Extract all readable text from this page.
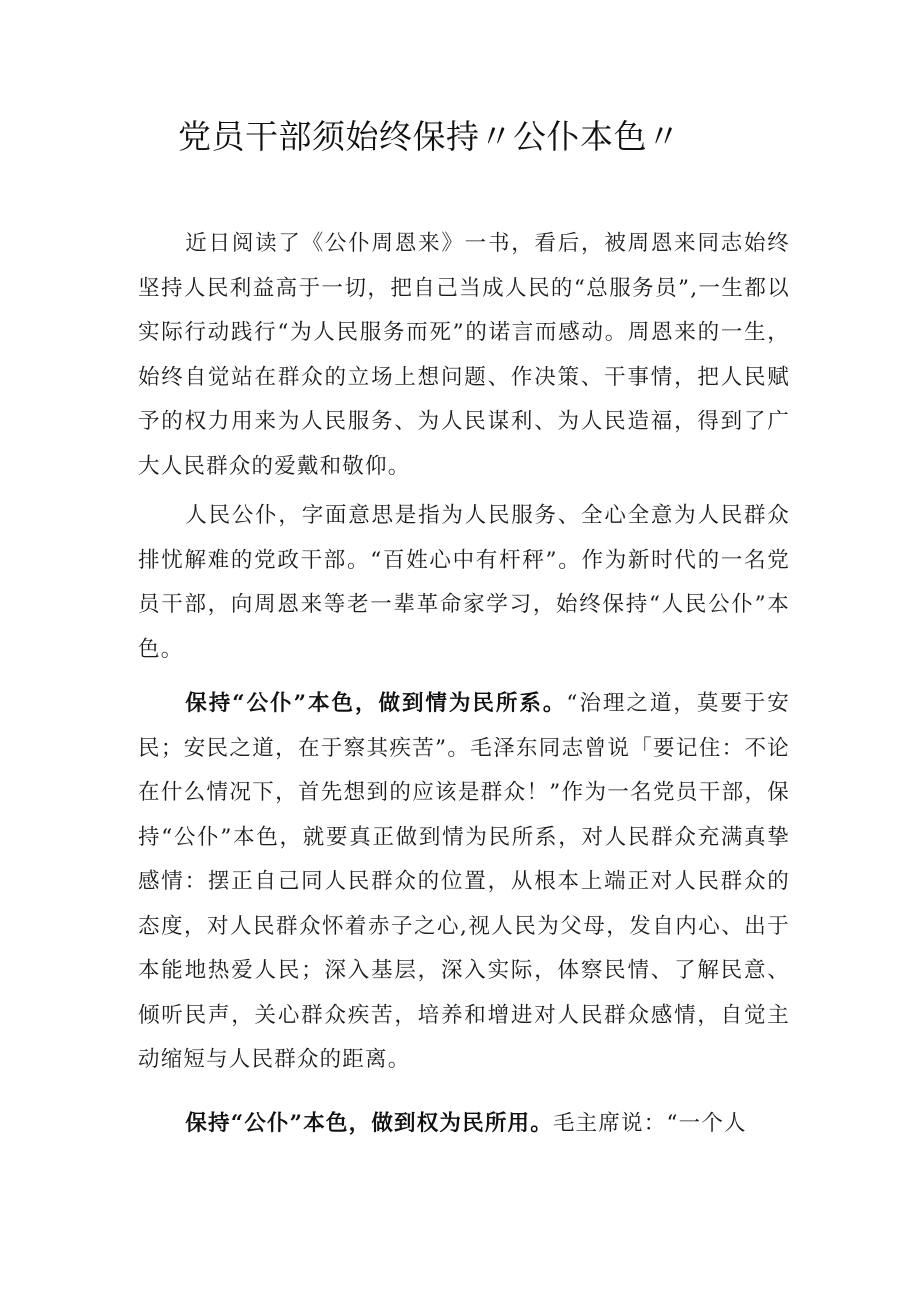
党员干部须始终保持〃公仆本色〃

近日阅读了《公仆周恩来》一书，看后，被周恩来同志始终坚持人民利益高于一切，把自己当成人民的“总服务员”,一生都以实际行动践行“为人民服务而死”的诺言而感动。周恩来的一生，始终自觉站在群众的立场上想问题、作决策、干事情，把人民赋予的权力用来为人民服务、为人民谋利、为人民造福，得到了广大人民群众的爱戴和敬仰。

人民公仆，字面意思是指为人民服务、全心全意为人民群众排忧解难的党政干部。“百姓心中有杆秤”。作为新时代的一名党员干部，向周恩来等老一辈革命家学习，始终保持“人民公仆”本色。

保持“公仆”本色，做到情为民所系。“治理之道，莫要于安民；安民之道，在于察其疾苦”。毛泽东同志曾说「要记住：不论在什么情况下，首先想到的应该是群众！”作为一名党员干部，保持“公仆”本色，就要真正做到情为民所系，对人民群众充满真挚感情：摆正自己同人民群众的位置，从根本上端正对人民群众的态度，对人民群众怀着赤子之心,视人民为父母，发自内心、出于本能地热爱人民；深入基层，深入实际，体察民情、了解民意、倾听民声，关心群众疾苦，培养和增进对人民群众感情，自觉主动缩短与人民群众的距离。

保持“公仆”本色，做到权为民所用。毛主席说：“一个人
